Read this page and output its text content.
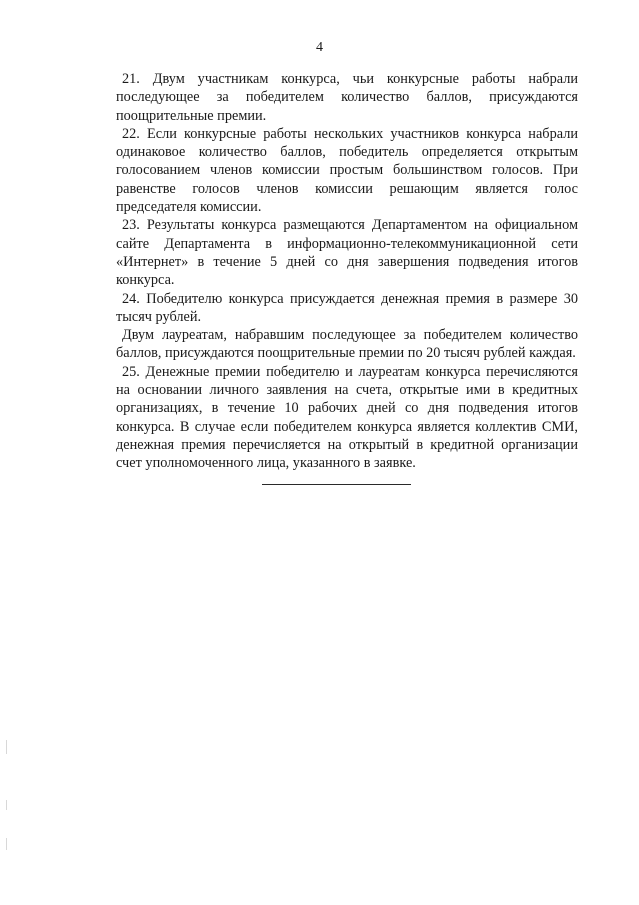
4

21. Двум участникам конкурса, чьи конкурсные работы набрали последующее за победителем количество баллов, присуждаются поощрительные премии.

22. Если конкурсные работы нескольких участников конкурса набрали одинаковое количество баллов, победитель определяется открытым голосованием членов комиссии простым большинством голосов. При равенстве голосов членов комиссии решающим является голос председателя комиссии.

23. Результаты конкурса размещаются Департаментом на официальном сайте Департамента в информационно-телекоммуникационной сети «Интернет» в течение 5 дней со дня завершения подведения итогов конкурса.

24. Победителю конкурса присуждается денежная премия в размере 30 тысяч рублей.

Двум лауреатам, набравшим последующее за победителем количество баллов, присуждаются поощрительные премии по 20 тысяч рублей каждая.

25. Денежные премии победителю и лауреатам конкурса перечисляются на основании личного заявления на счета, открытые ими в кредитных организациях, в течение 10 рабочих дней со дня подведения итогов конкурса. В случае если победителем конкурса является коллектив СМИ, денежная премия перечисляется на открытый в кредитной организации счет уполномоченного лица, указанного в заявке.
